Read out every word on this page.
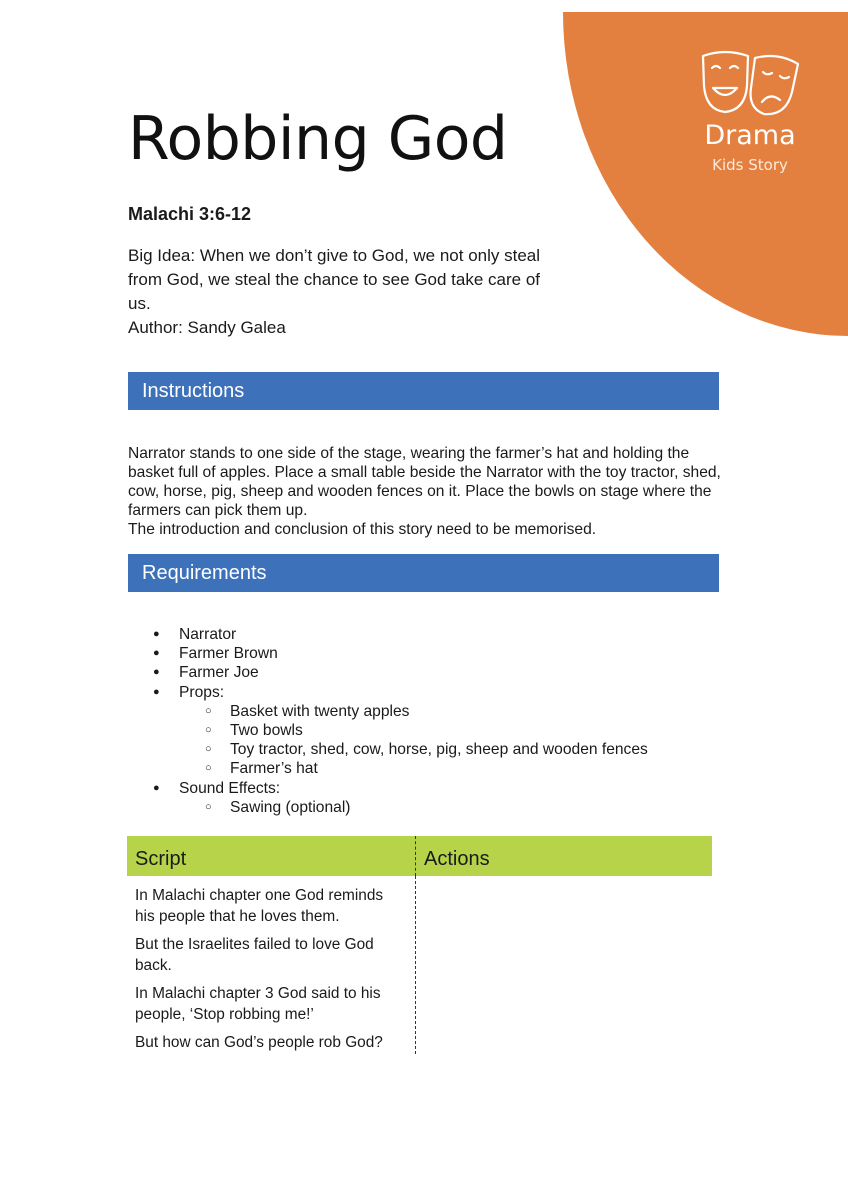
Drama
Kids Story
Robbing God
Malachi 3:6-12

Big Idea: When we don’t give to God, we not only steal from God, we steal the chance to see God take care of us.

Author: Sandy Galea

Instructions

Narrator stands to one side of the stage, wearing the farmer’s hat and holding the basket full of apples. Place a small table beside the Narrator with the toy tractor, shed, cow, horse, pig, sheep and wooden fences on it. Place the bowls on stage where the farmers can pick them up.

The introduction and conclusion of this story need to be memorised.

Requirements
● Narrator
● Farmer Brown
● Farmer Joe
● Props:
○ Basket with twenty apples
○ Two bowls
○ Toy tractor, shed, cow, horse, pig, sheep and wooden fences
○ Farmer’s hat
● Sound Effects:
○ Sawing (optional)
Script	Actions

In Malachi chapter one God reminds his people that he loves them.

But the Israelites failed to love God back.

In Malachi chapter 3 God said to his people, ‘Stop robbing me!’

But how can God’s people rob God?
